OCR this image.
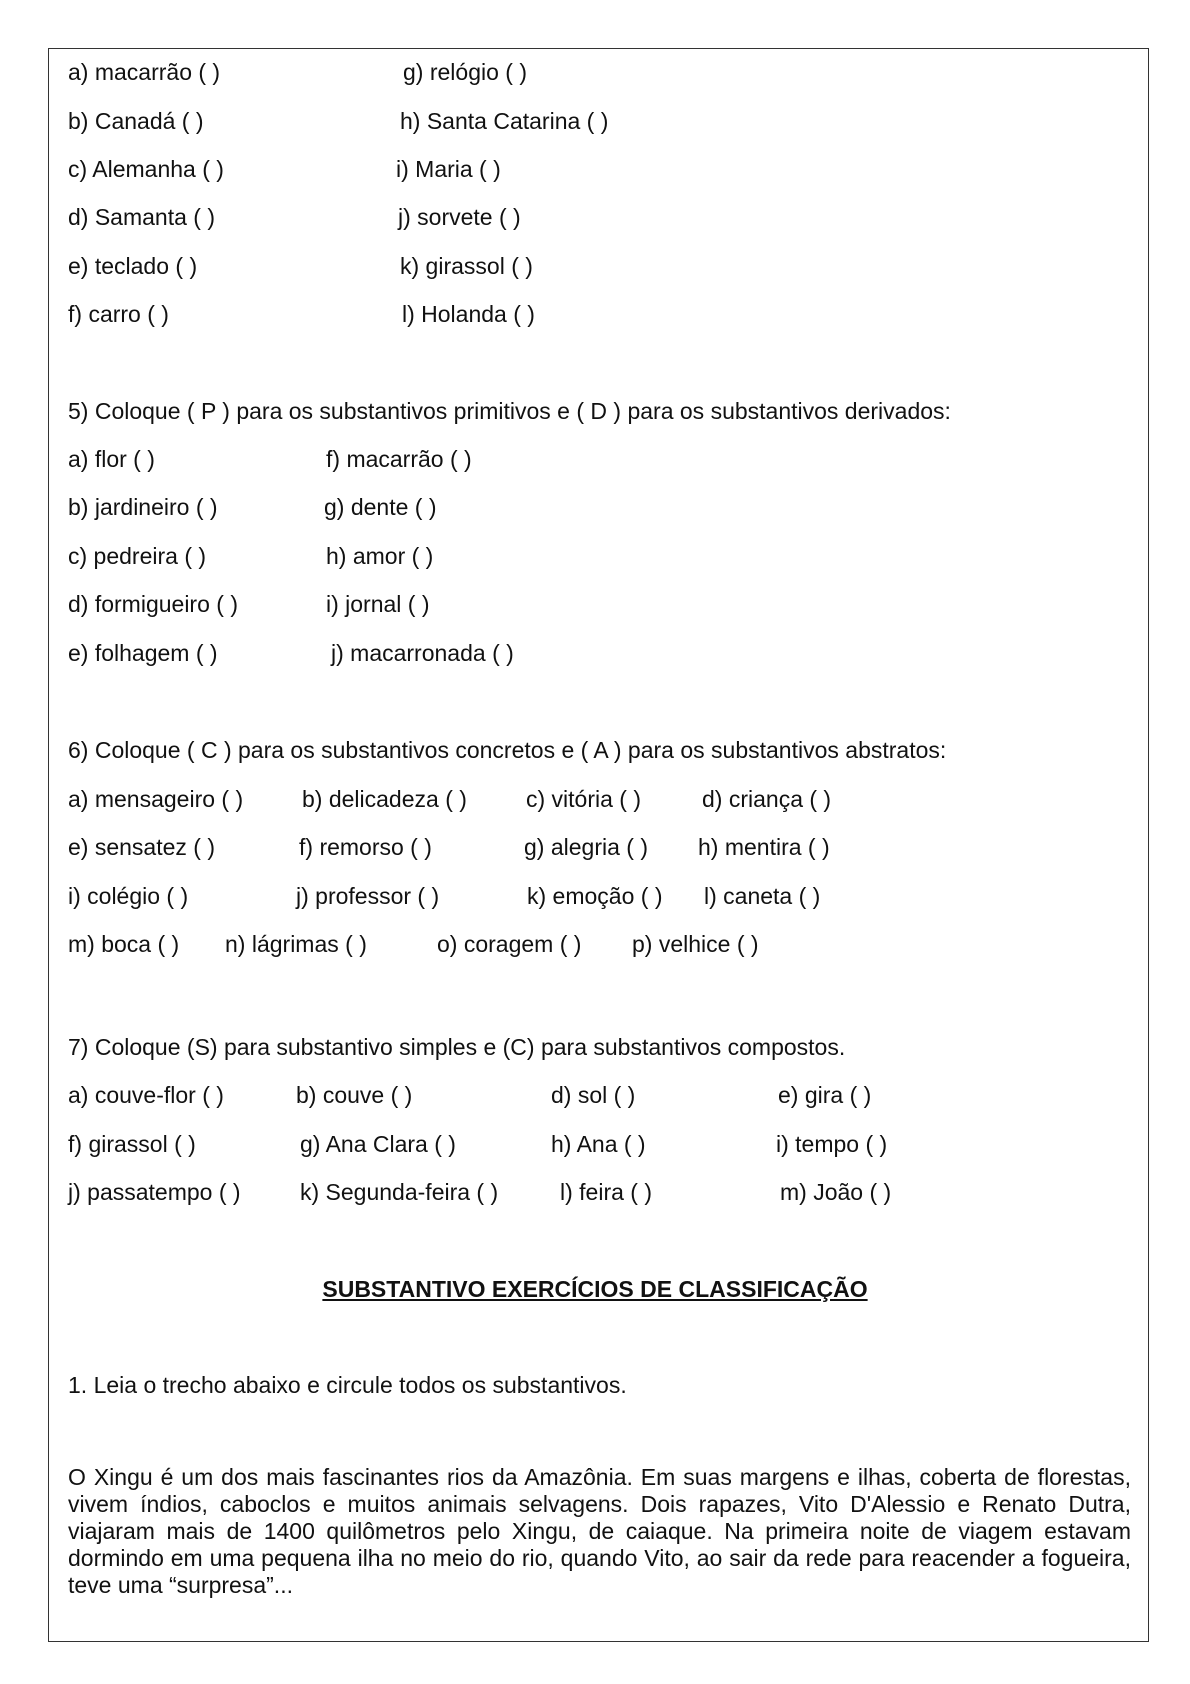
a) macarrão ( )	g) relógio ( )
b) Canadá ( )	h) Santa Catarina ( )
c) Alemanha ( )	i) Maria ( )
d) Samanta ( )	j) sorvete ( )
e) teclado ( )	k) girassol ( )
f) carro ( )	l) Holanda ( )
5) Coloque ( P ) para os substantivos primitivos e ( D ) para os substantivos derivados:
a) flor ( )	f) macarrão ( )
b) jardineiro ( )	g) dente ( )
c) pedreira ( )	h) amor ( )
d) formigueiro ( )	i) jornal ( )
e) folhagem ( )	j) macarronada ( )
6) Coloque ( C ) para os substantivos concretos e ( A ) para os substantivos abstratos:
a) mensageiro ( )	b) delicadeza ( )	c) vitória ( )	d) criança ( )
e) sensatez ( )	f) remorso ( )	g) alegria ( ) h) mentira ( )
i) colégio ( )	j) professor ( )	k) emoção ( ) l) caneta ( )
m) boca ( ) n) lágrimas ( )	o) coragem ( ) p) velhice ( )
7) Coloque (S) para substantivo simples e (C) para substantivos compostos.
a) couve-flor ( )	b) couve ( )	d) sol ( )	e) gira ( )
f) girassol ( )	g) Ana Clara ( )	h) Ana ( )	i) tempo ( )
j) passatempo ( )	k) Segunda-feira ( )	l) feira ( )	m) João ( )
SUBSTANTIVO EXERCÍCIOS DE CLASSIFICAÇÃO
1. Leia o trecho abaixo e circule todos os substantivos.
O Xingu é um dos mais fascinantes rios da Amazônia. Em suas margens e ilhas, coberta de florestas, vivem índios, caboclos e muitos animais selvagens. Dois rapazes, Vito D'Alessio e Renato Dutra, viajaram mais de 1400 quilômetros pelo Xingu, de caiaque. Na primeira noite de viagem estavam dormindo em uma pequena ilha no meio do rio, quando Vito, ao sair da rede para reacender a fogueira, teve uma “surpresa”...
